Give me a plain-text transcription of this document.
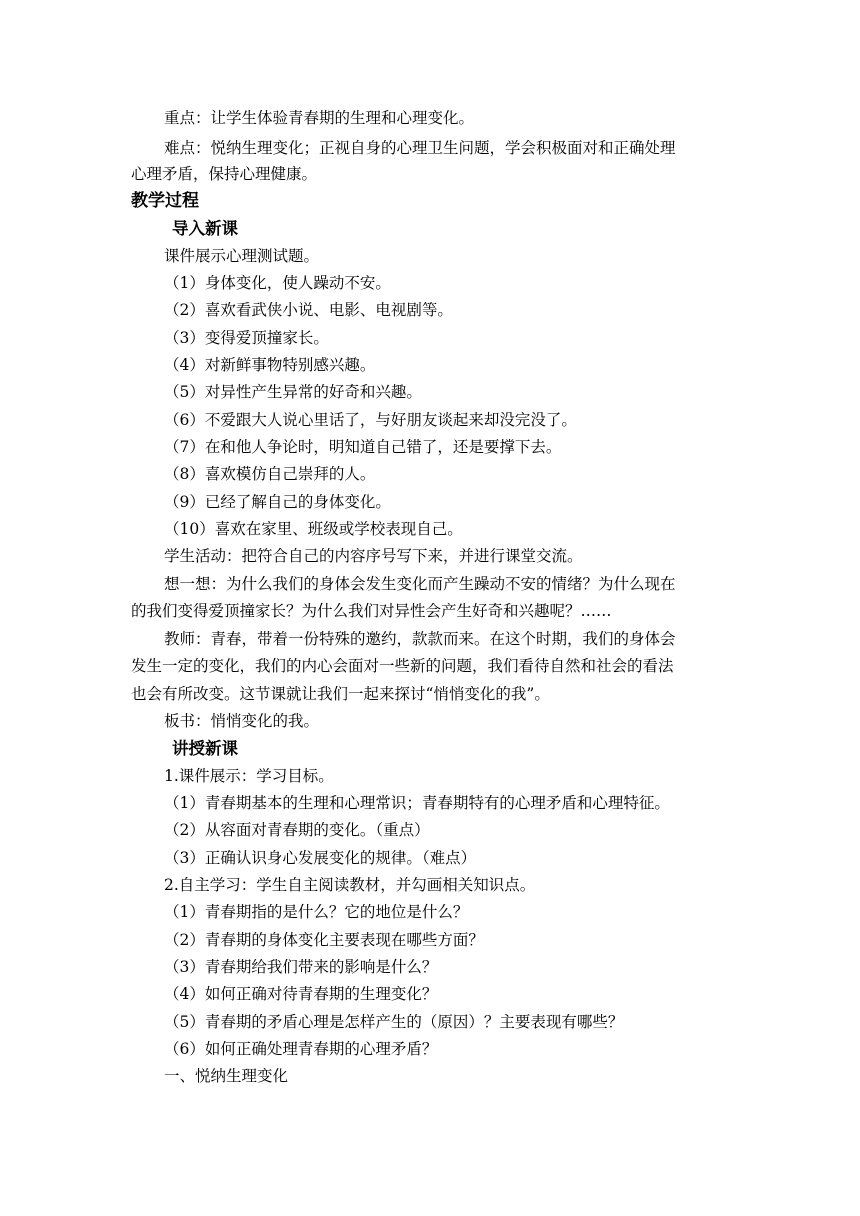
重点：让学生体验青春期的生理和心理变化。
难点：悦纳生理变化；正视自身的心理卫生问题，学会积极面对和正确处理
心理矛盾，保持心理健康。
教学过程
导入新课
课件展示心理测试题。
（1）身体变化，使人躁动不安。
（2）喜欢看武侠小说、电影、电视剧等。
（3）变得爱顶撞家长。
（4）对新鲜事物特别感兴趣。
（5）对异性产生异常的好奇和兴趣。
（6）不爱跟大人说心里话了，与好朋友谈起来却没完没了。
（7）在和他人争论时，明知道自己错了，还是要撑下去。
（8）喜欢模仿自己崇拜的人。
（9）已经了解自己的身体变化。
（10）喜欢在家里、班级或学校表现自己。
学生活动：把符合自己的内容序号写下来，并进行课堂交流。
想一想：为什么我们的身体会发生变化而产生躁动不安的情绪？为什么现在
的我们变得爱顶撞家长？为什么我们对异性会产生好奇和兴趣呢？……
教师：青春，带着一份特殊的邀约，款款而来。在这个时期，我们的身体会
发生一定的变化，我们的内心会面对一些新的问题，我们看待自然和社会的看法
也会有所改变。这节课就让我们一起来探讨“悄悄变化的我”。
板书：悄悄变化的我。
讲授新课
1.课件展示：学习目标。
（1）青春期基本的生理和心理常识；青春期特有的心理矛盾和心理特征。
（2）从容面对青春期的变化。（重点）
（3）正确认识身心发展变化的规律。（难点）
2.自主学习：学生自主阅读教材，并勾画相关知识点。
（1）青春期指的是什么？它的地位是什么？
（2）青春期的身体变化主要表现在哪些方面？
（3）青春期给我们带来的影响是什么？
（4）如何正确对待青春期的生理变化？
（5）青春期的矛盾心理是怎样产生的（原因）？主要表现有哪些？
（6）如何正确处理青春期的心理矛盾？
一、悦纳生理变化
